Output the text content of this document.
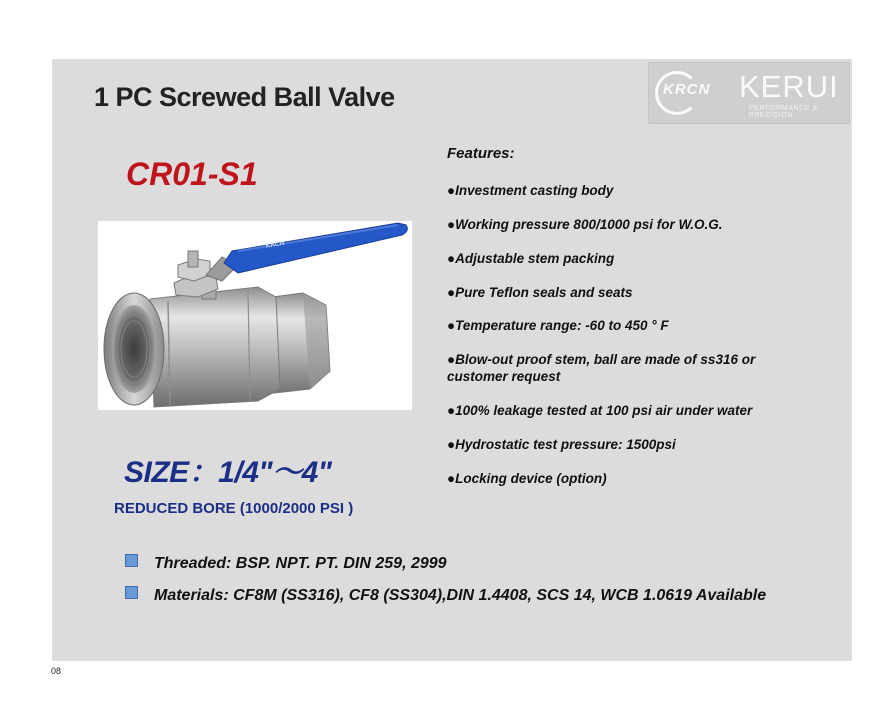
1 PC Screwed Ball Valve	KRCN KERUI
PERFORMANCE & PRECISION
CR01-S1
KRCN
SIZE：1/4"～4"
REDUCED BORE (1000/2000 PSI )
Features:
●Investment casting body
●Working pressure 800/1000 psi for W.O.G.
●Adjustable stem packing
●Pure Teflon seals and seats
●Temperature range: -60 to 450 ° F
●Blow-out proof stem, ball are made of ss316 or customer request
●100% leakage tested at 100 psi air under water
●Hydrostatic test pressure: 1500psi
●Locking device (option)
Threaded: BSP. NPT. PT. DIN 259, 2999
Materials: CF8M (SS316), CF8 (SS304),DIN 1.4408, SCS 14, WCB 1.0619 Available
08
